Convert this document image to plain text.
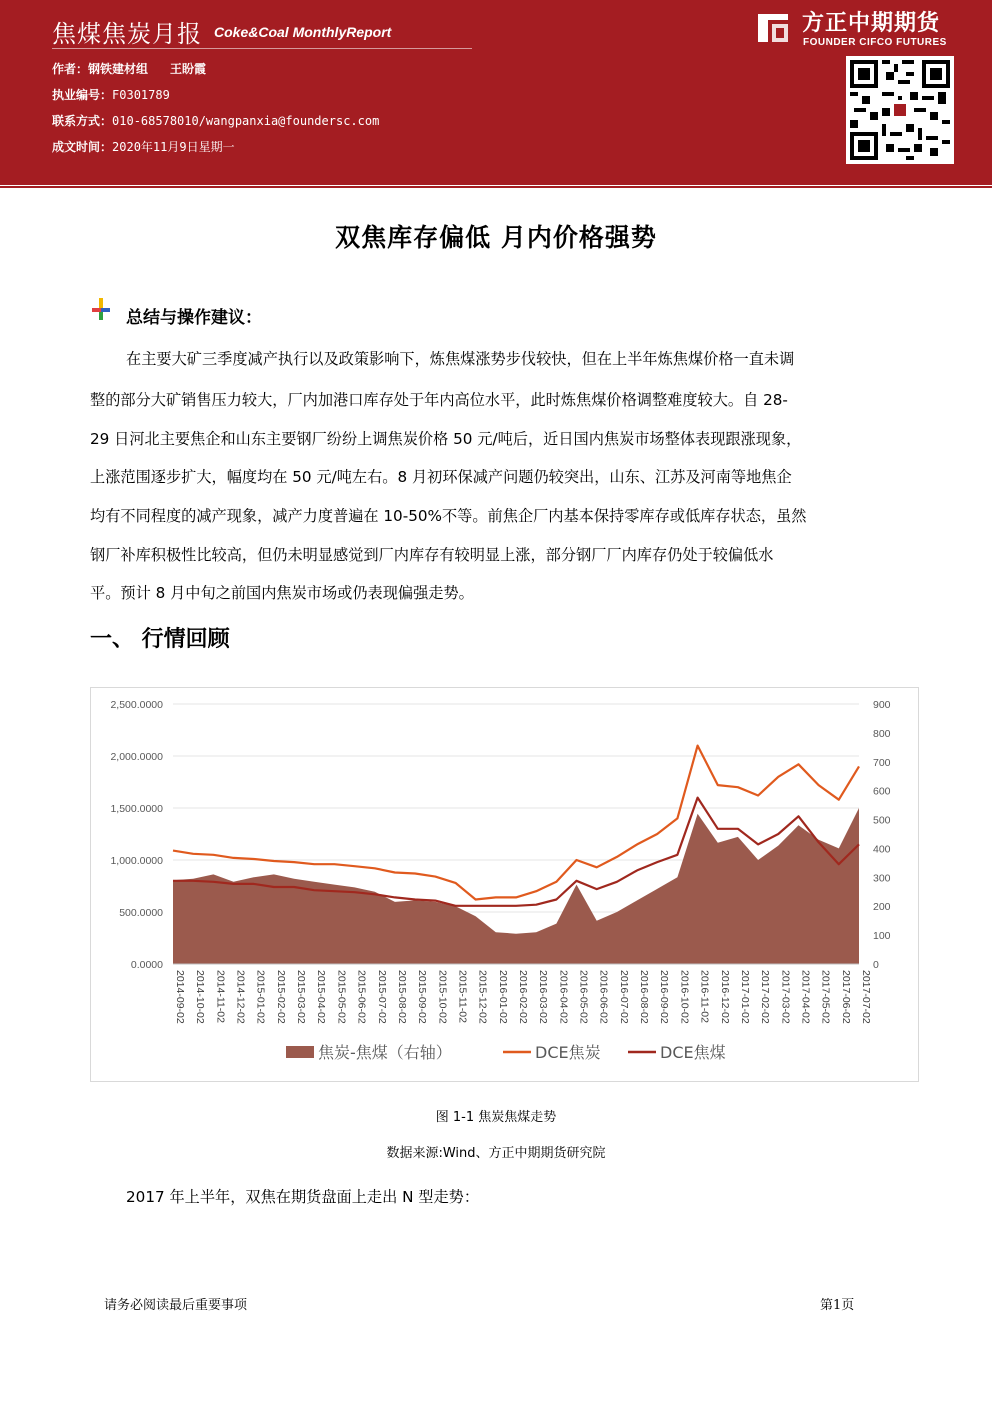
焦煤焦炭月报 Coke&Coal MonthlyReport
作者：钢铁建材组 王盼霞
执业编号：F0301789
联系方式：010-68578010/wangpanxia@foundersc.com
成文时间：2020年11月9日星期一
方正中期期货
FOUNDER CIFCO FUTURES
双焦库存偏低 月内价格强势
总结与操作建议：
在主要大矿三季度减产执行以及政策影响下，炼焦煤涨势步伐较快，但在上半年炼焦煤价格一直未调
整的部分大矿销售压力较大，厂内加港口库存处于年内高位水平，此时炼焦煤价格调整难度较大。自 28-
29 日河北主要焦企和山东主要钢厂纷纷上调焦炭价格 50 元/吨后，近日国内焦炭市场整体表现跟涨现象，
上涨范围逐步扩大，幅度均在 50 元/吨左右。8 月初环保减产问题仍较突出，山东、江苏及河南等地焦企
均有不同程度的减产现象，减产力度普遍在 10-50%不等。前焦企厂内基本保持零库存或低库存状态，虽然
钢厂补库积极性比较高，但仍未明显感觉到厂内库存有较明显上涨，部分钢厂厂内库存仍处于较偏低水
平。预计 8 月中旬之前国内焦炭市场或仍表现偏强走势。
一、 行情回顾
0.0000
500.0000
1,000.0000
1,500.0000
2,000.0000
2,500.0000
0
100
200
300
400
500
600
700
800
900
2014-09-02 2014-10-02 2014-11-02 2014-12-02 2015-01-02 2015-02-02 2015-03-02 2015-04-02 2015-05-02 2015-06-02 2015-07-02 2015-08-02 2015-09-02 2015-10-02 2015-11-02 2015-12-02 2016-01-02 2016-02-02 2016-03-02 2016-04-02 2016-05-02 2016-06-02 2016-07-02 2016-08-02 2016-09-02 2016-10-02 2016-11-02 2016-12-02 2017-01-02 2017-02-02 2017-03-02 2017-04-02 2017-05-02 2017-06-02 2017-07-02
焦炭-焦煤（右轴）	DCE焦炭	DCE焦煤
图 1-1 焦炭焦煤走势
数据来源:Wind、方正中期期货研究院
2017 年上半年，双焦在期货盘面上走出 N 型走势：
请务必阅读最后重要事项	第1页
